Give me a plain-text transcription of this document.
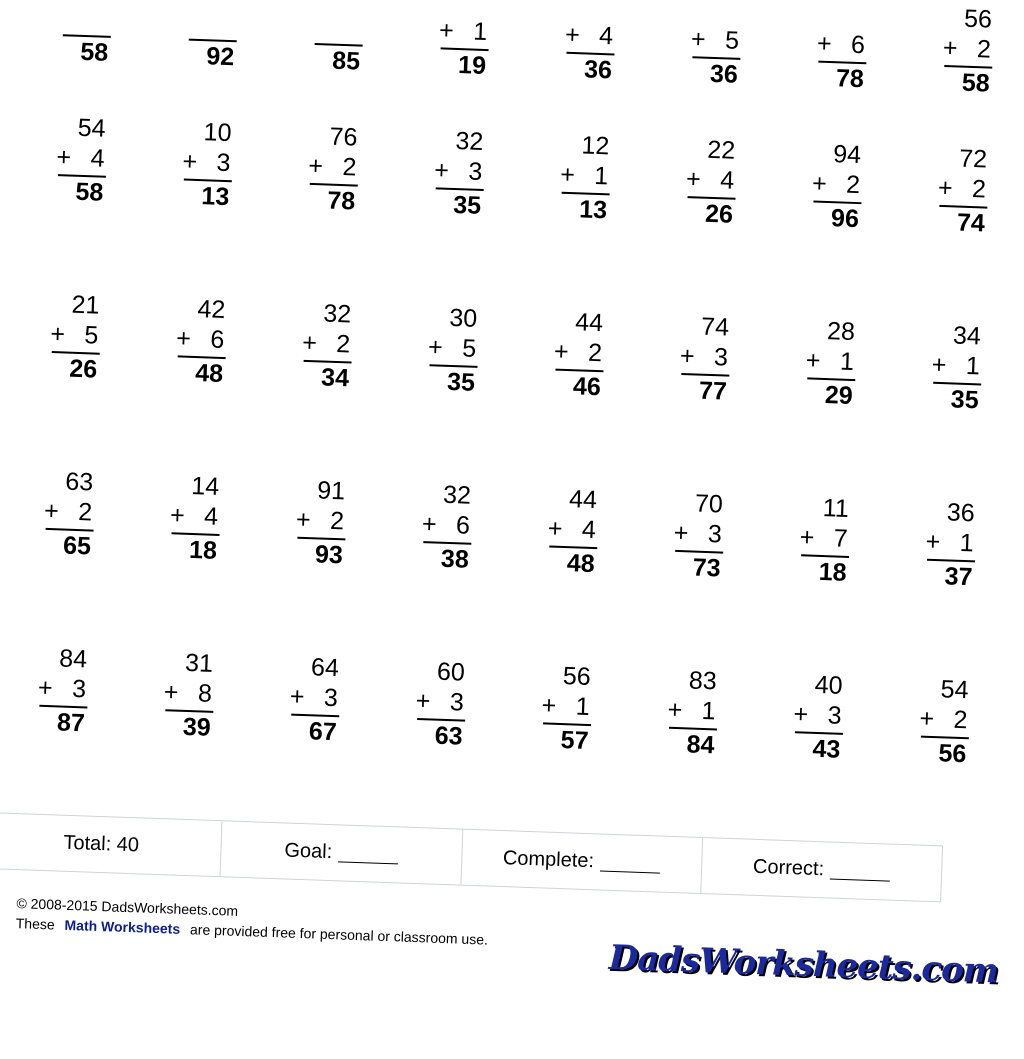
58	92	85
+ 1
19
+ 4
36
+ 5
36
+ 6
78
56
+ 2
58
54
+ 4
58
10
+ 3
13
76
+ 2
78
32
+ 3
35
12
+ 1
13
22
+ 4
26
94
+ 2
96
72
+ 2
74
21
+ 5
26
42
+ 6
48
32
+ 2
34
30
+ 5
35
44
+ 2
46
74
+ 3
77
28
+ 1
29
34
+ 1
35
63
+ 2
65
14
+ 4
18
91
+ 2
93
32
+ 6
38
44
+ 4
48
70
+ 3
73
11
+ 7
18
36
+ 1
37
84
+ 3
87
31
+ 8
39
64
+ 3
67
60
+ 3
63
56
+ 1
57
83
+ 1
84
40
+ 3
43
54
+ 2
56
Total: 40	Goal:	Complete:	Correct:
© 2008-2015 DadsWorksheets.com
These Math Worksheets are provided free for personal or classroom use.
DadsWorksheets.com
